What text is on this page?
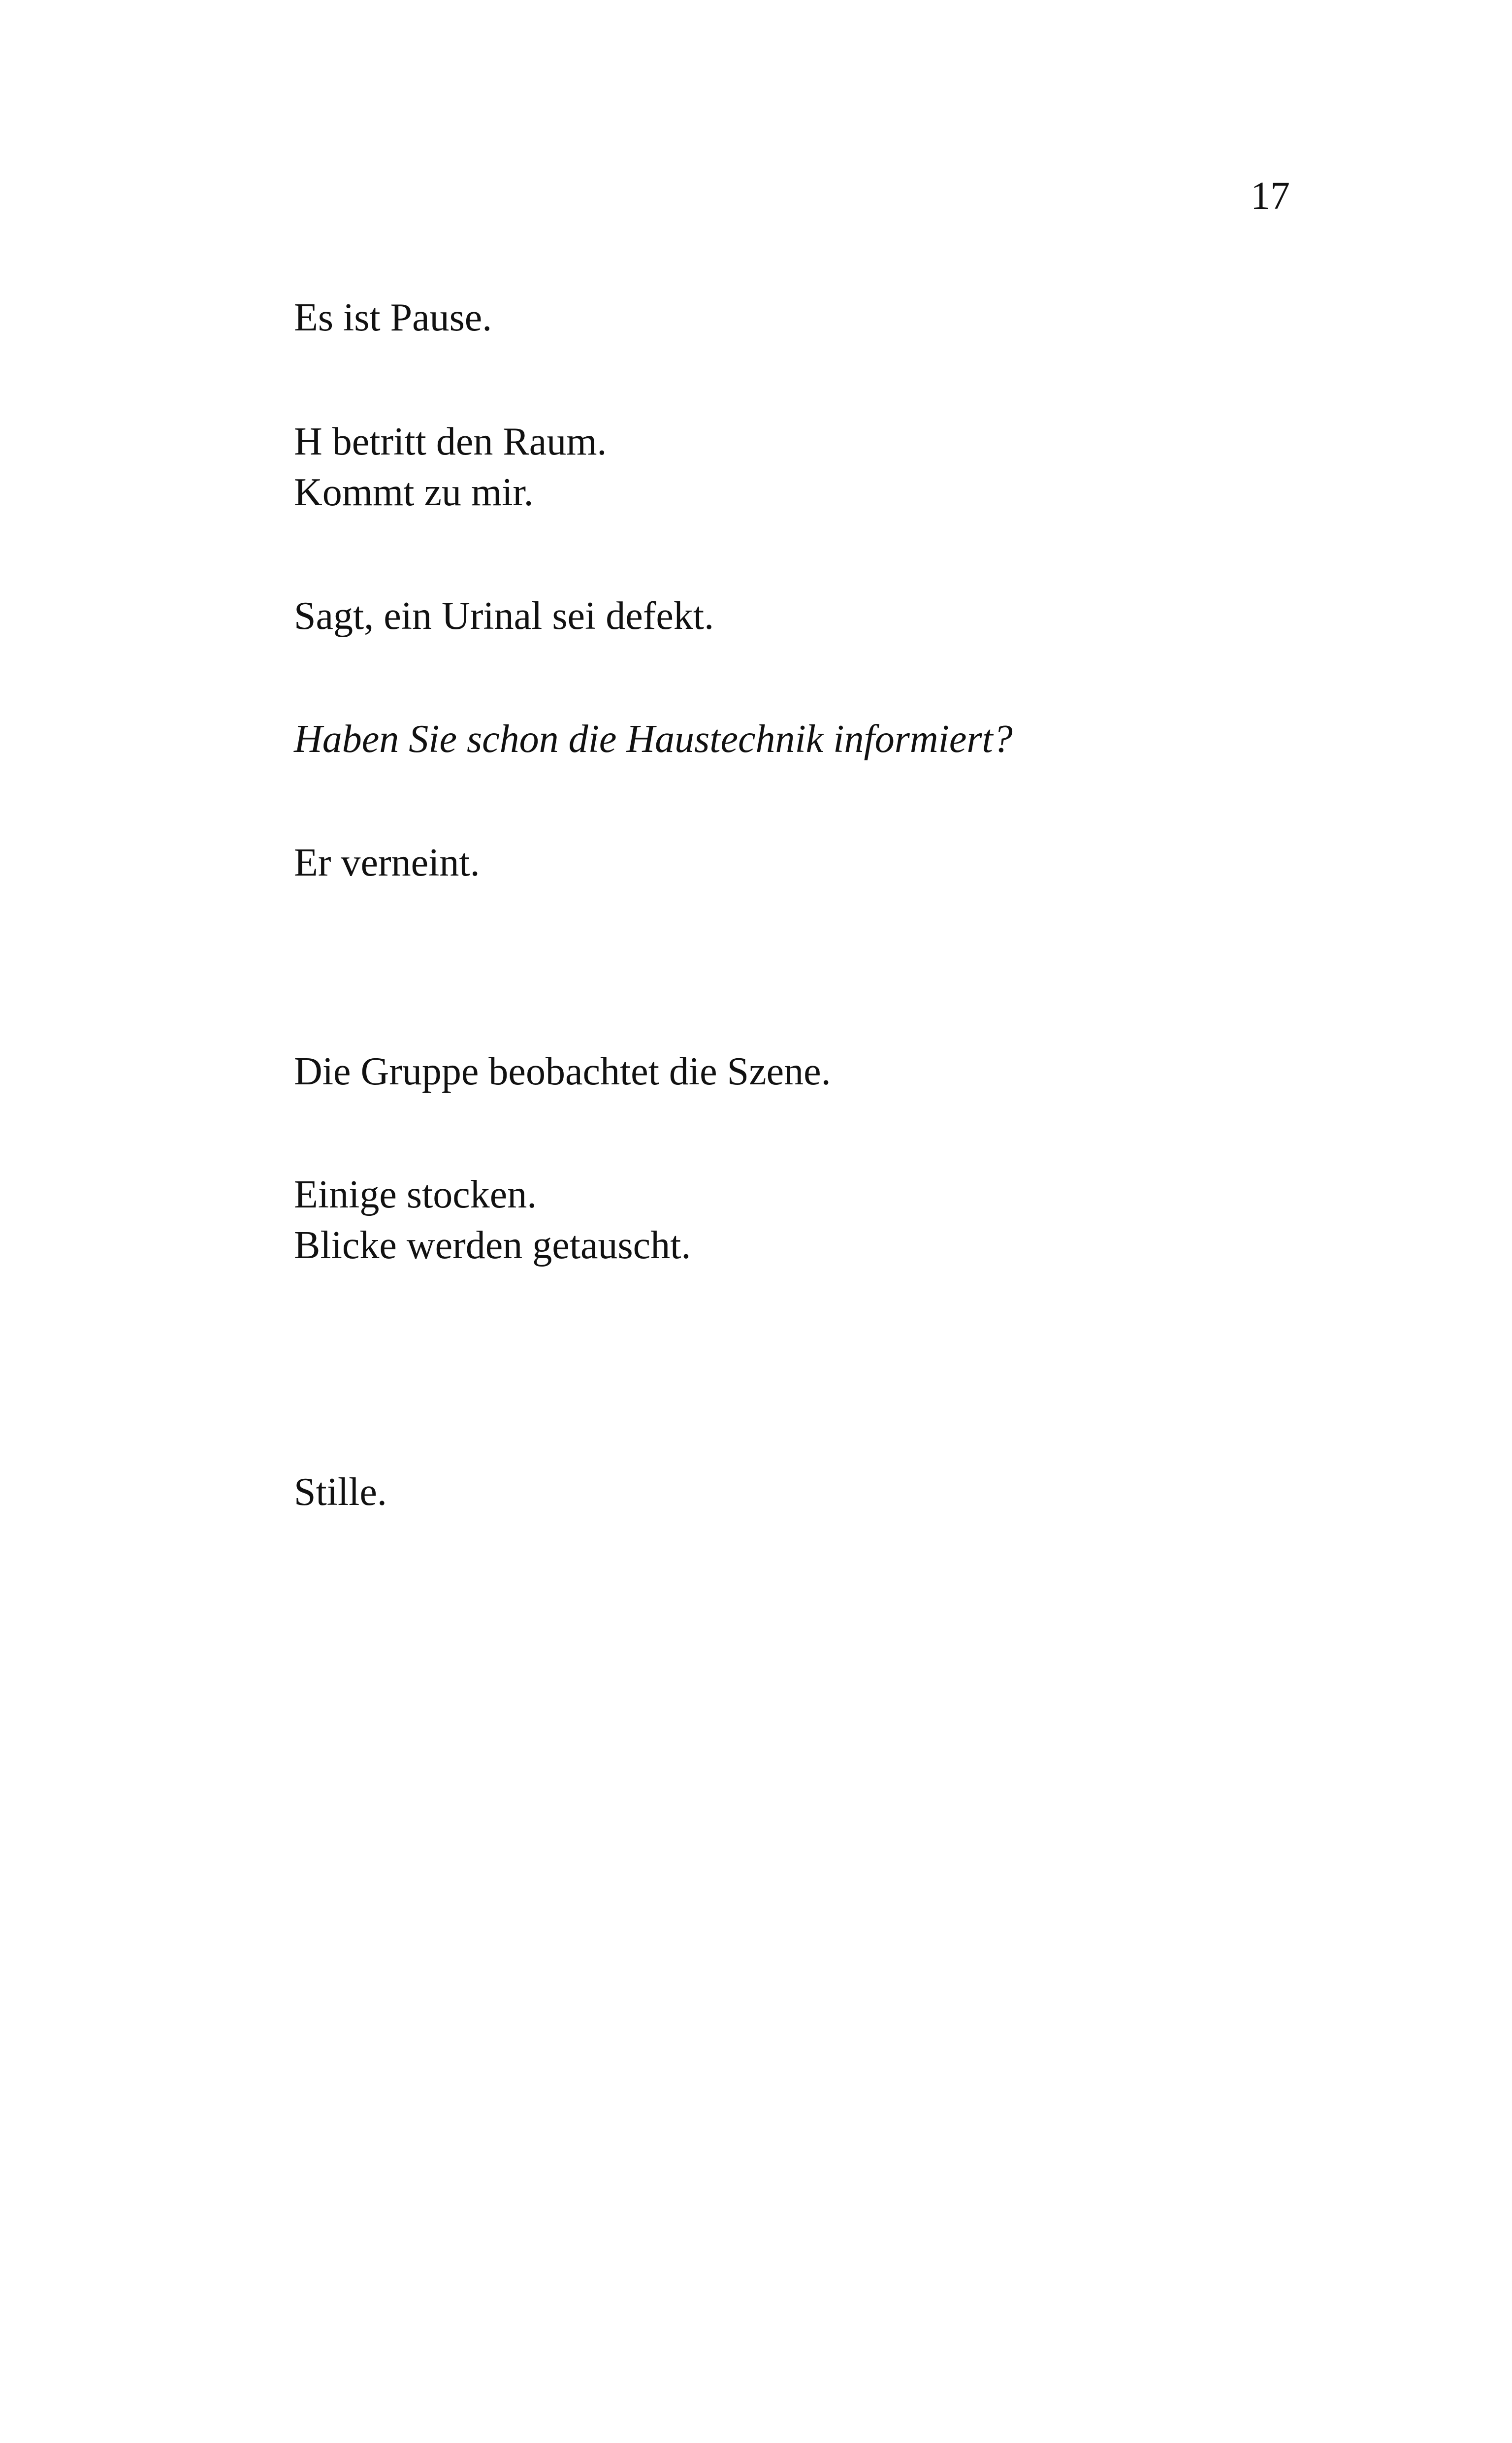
17
Es ist Pause.
H betritt den Raum.
Kommt zu mir.
Sagt, ein Urinal sei defekt.
Haben Sie schon die Haustechnik informiert?
Er verneint.
Die Gruppe beobachtet die Szene.
Einige stocken.
Blicke werden getauscht.
Stille.
